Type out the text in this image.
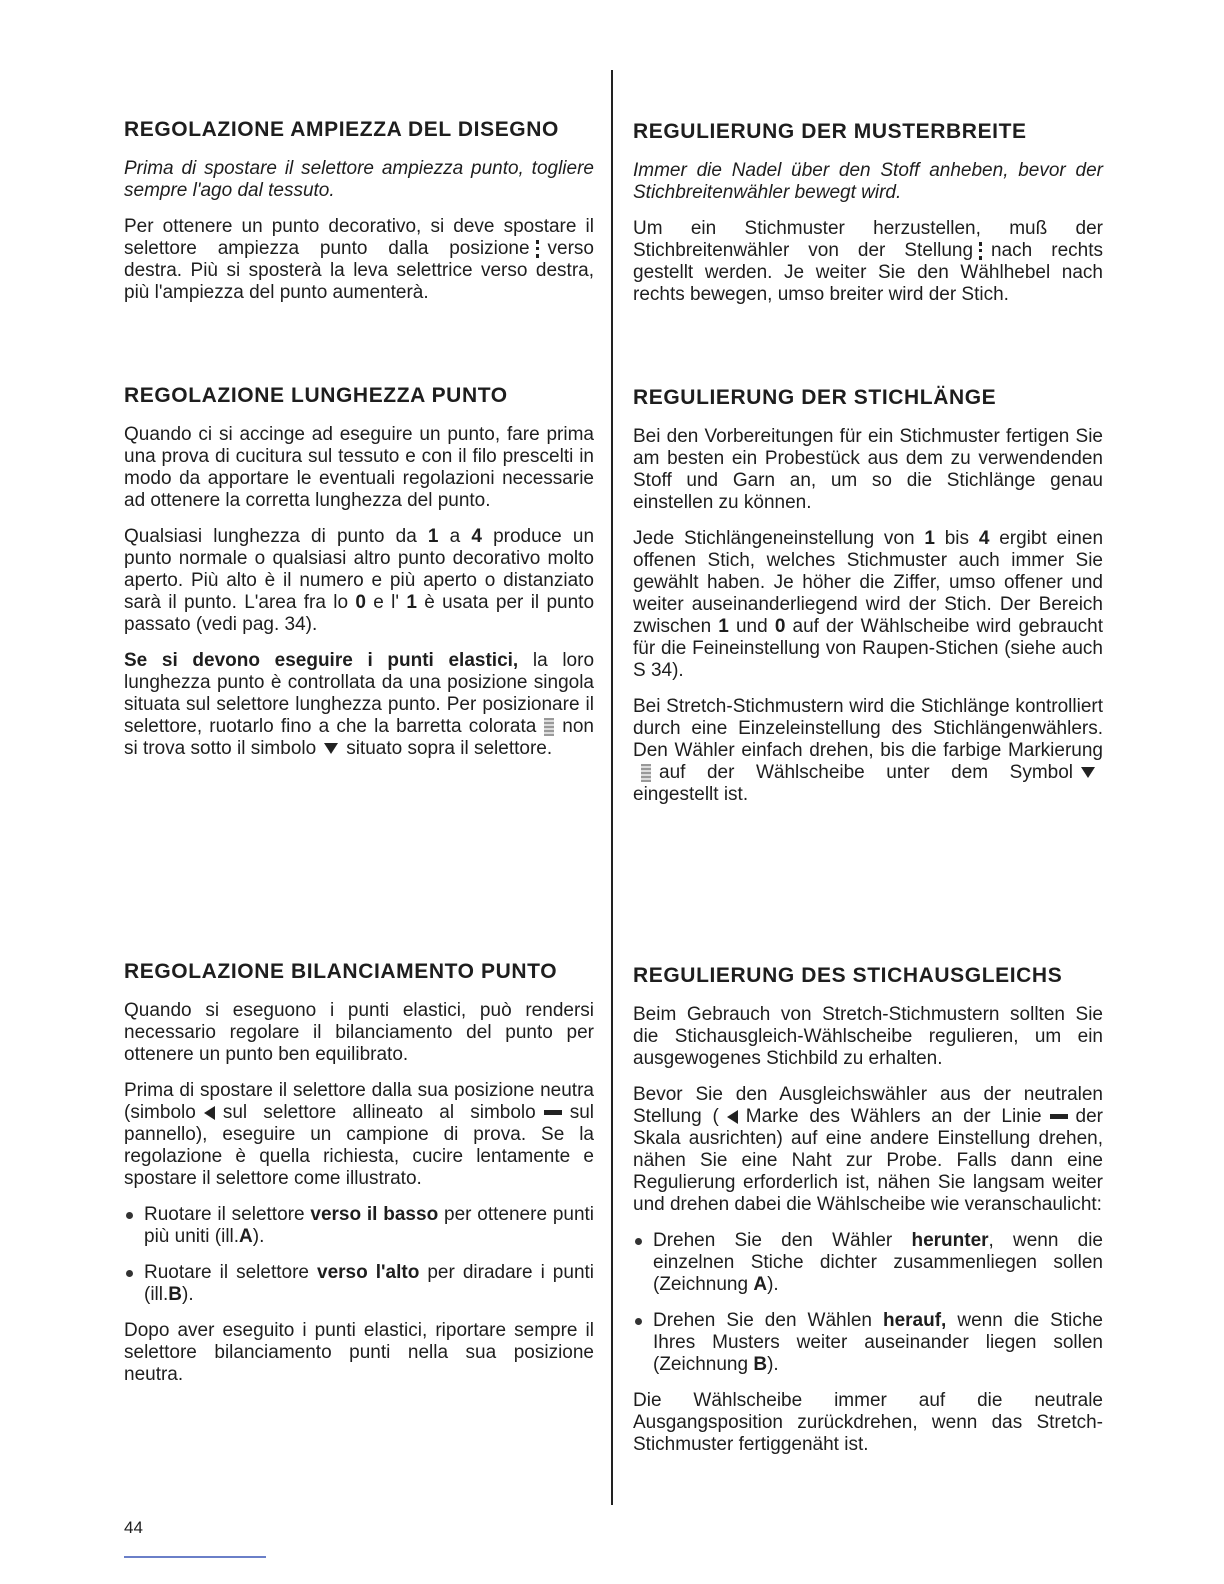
REGOLAZIONE AMPIEZZA DEL DISEGNO

Prima di spostare il selettore ampiezza punto, togliere sempre l'ago dal tessuto.

Per ottenere un punto decorativo, si deve spostare il selettore ampiezza punto dalla posizione verso destra. Più si sposterà la leva selettrice verso destra, più l'ampiezza del punto aumenterà.

REGOLAZIONE LUNGHEZZA PUNTO

Quando ci si accinge ad eseguire un punto, fare prima una prova di cucitura sul tessuto e con il filo prescelti in modo da apportare le eventuali regolazioni necessarie ad ottenere la corretta lunghezza del punto.

Qualsiasi lunghezza di punto da 1 a 4 produce un punto normale o qualsiasi altro punto decorativo molto aperto. Più alto è il numero e più aperto o distanziato sarà il punto. L'area fra lo 0 e l' 1 è usata per il punto passato (vedi pag. 34).

Se si devono eseguire i punti elastici, la loro lunghezza punto è controllata da una posizione singola situata sul selettore lunghezza punto. Per posizionare il selettore, ruotarlo fino a che la barretta colorata non si trova sotto il simbolo situato sopra il selettore.

REGOLAZIONE BILANCIAMENTO PUNTO

Quando si eseguono i punti elastici, può rendersi necessario regolare il bilanciamento del punto per ottenere un punto ben equilibrato.

Prima di spostare il selettore dalla sua posizione neutra (simbolo sul selettore allineato al simbolo sul pannello), eseguire un campione di prova. Se la regolazione è quella richiesta, cucire lentamente e spostare il selettore come illustrato.

Ruotare il selettore verso il basso per ottenere punti più uniti (ill.A).
Ruotare il selettore verso l'alto per diradare i punti (ill.B).

Dopo aver eseguito i punti elastici, riportare sempre il selettore bilanciamento punti nella sua posizione neutra.

REGULIERUNG DER MUSTERBREITE

Immer die Nadel über den Stoff anheben, bevor der Stichbreitenwähler bewegt wird.

Um ein Stichmuster herzustellen, muß der Stichbreitenwähler von der Stellung nach rechts gestellt werden. Je weiter Sie den Wählhebel nach rechts bewegen, umso breiter wird der Stich.

REGULIERUNG DER STICHLÄNGE

Bei den Vorbereitungen für ein Stichmuster fertigen Sie am besten ein Probestück aus dem zu verwendenden Stoff und Garn an, um so die Stichlänge genau einstellen zu können.

Jede Stichlängeneinstellung von 1 bis 4 ergibt einen offenen Stich, welches Stichmuster auch immer Sie gewählt haben. Je höher die Ziffer, umso offener und weiter auseinanderliegend wird der Stich. Der Bereich zwischen 1 und 0 auf der Wählscheibe wird gebraucht für die Feineinstellung von Raupen-Stichen (siehe auch S 34).

Bei Stretch-Stichmustern wird die Stichlänge kontrolliert durch eine Einzeleinstellung des Stichlängenwählers. Den Wähler einfach drehen, bis die farbige Markierungauf der Wählscheibe unter dem Symboleingestellt ist.

REGULIERUNG DES STICHAUSGLEICHS

Beim Gebrauch von Stretch-Stichmustern sollten Sie die Stichausgleich-Wählscheibe regulieren, um ein ausgewogenes Stichbild zu erhalten.

Bevor Sie den Ausgleichswähler aus der neutralen Stellung ( Marke des Wählers an der Linie der Skala ausrichten) auf eine andere Einstellung drehen, nähen Sie eine Naht zur Probe. Falls dann eine Regulierung erforderlich ist, nähen Sie langsam weiter und drehen dabei die Wählscheibe wie veranschaulicht:

Drehen Sie den Wähler herunter, wenn die einzelnen Stiche dichter zusammenliegen sollen (Zeichnung A).
Drehen Sie den Wählen herauf, wenn die Stiche Ihres Musters weiter auseinander liegen sollen (Zeichnung B).

Die Wählscheibe immer auf die neutrale Ausgangsposition zurückdrehen, wenn das Stretch-Stichmuster fertiggenäht ist.

44
